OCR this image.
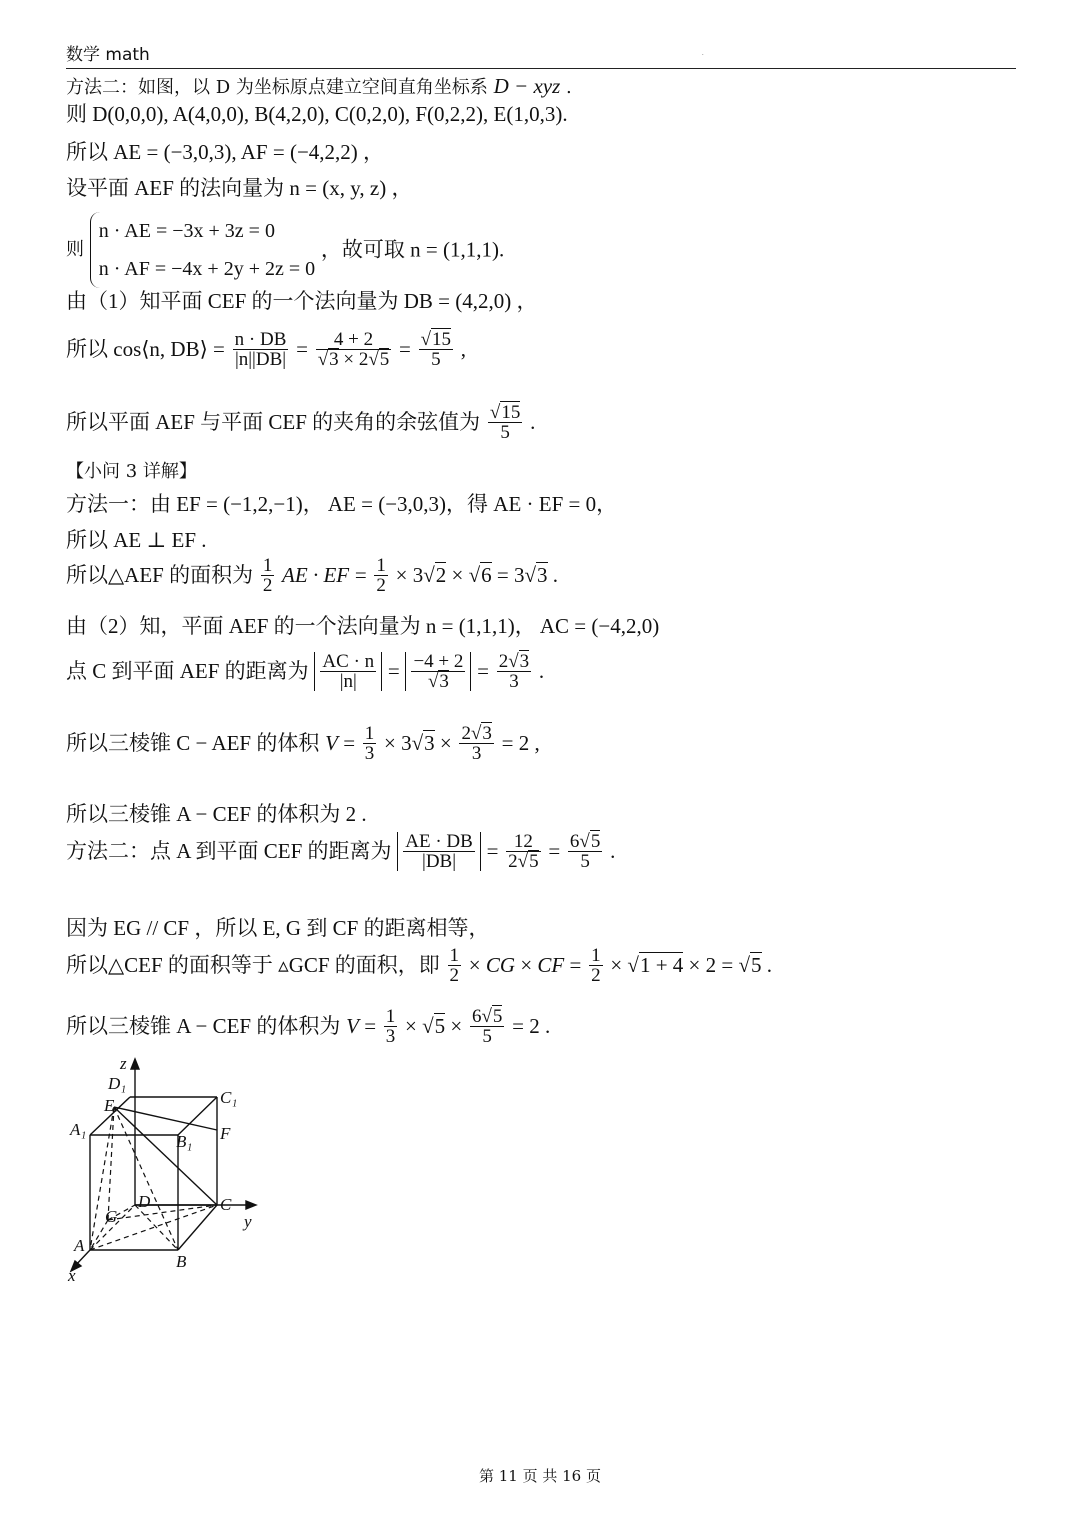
数学 math	.
方法二：如图，以 D 为坐标原点建立空间直角坐标系 D − xyz .
则 D(0,0,0), A(4,0,0), B(4,2,0), C(0,2,0), F(0,2,2), E(1,0,3).
所以 AE = (−3,0,3), AF = (−4,2,2) ，
设平面 AEF 的法向量为 n = (x, y, z) ，
则
n · AE = −3x + 3z = 0
n · AF = −4x + 2y + 2z = 0
，故可取 n = (1,1,1).
由（1）知平面 CEF 的一个法向量为 DB = (4,2,0) ，
所以 cos⟨n, DB⟩ = $\frac{n \cdot DB}{|n||DB|} = \frac{4 + 2}{√3 \times 2√5} = \frac{√15}{5}$ ,
所以平面 AEF 与平面 CEF 的夹角的余弦值为 $\frac{√15}{5}$ .
【小问 3 详解】
方法一：由 EF = (−1,2,−1)， AE = (−3,0,3)，得 AE · EF = 0，
所以 AE ⊥ EF .
所以△AEF 的面积为 $\frac{1}{2}$ AE · EF = $\frac{1}{2} \times 3√2 \times √6 = 3√3$ .
由（2）知，平面 AEF 的一个法向量为 n = (1,1,1)， AC = (−4,2,0)
点 C 到平面 AEF 的距离为 $\frac{AC \cdot n}{|n|} = \frac{-4 + 2}{√3} = \frac{2√3}{3}$ .
所以三棱锥 C − AEF 的体积 $V = \frac{1}{3} \times 3√3 \times \frac{2√3}{3} = 2$ ,
所以三棱锥 A − CEF 的体积为 2 .
方法二：点 A 到平面 CEF 的距离为 $\frac{AE \cdot DB}{|DB|} = \frac{12}{2√5} = \frac{6√5}{5}$ .
因为 EG // CF ，所以 E, G 到 CF 的距离相等，
所以△CEF 的面积等于 ▵GCF 的面积，即 $\frac{1}{2}$ × CG × CF = $\frac{1}{2} \times √1 + 4 \times 2 = √5$ .
所以三棱锥 A − CEF 的体积为 $V = \frac{1}{3} \times √5 \times \frac{6√5}{5} = 2$ .
z
D₁
C₁
E
A₁
B₁ F
D	C
G	y
A
B
x
第 11 页 共 16 页
